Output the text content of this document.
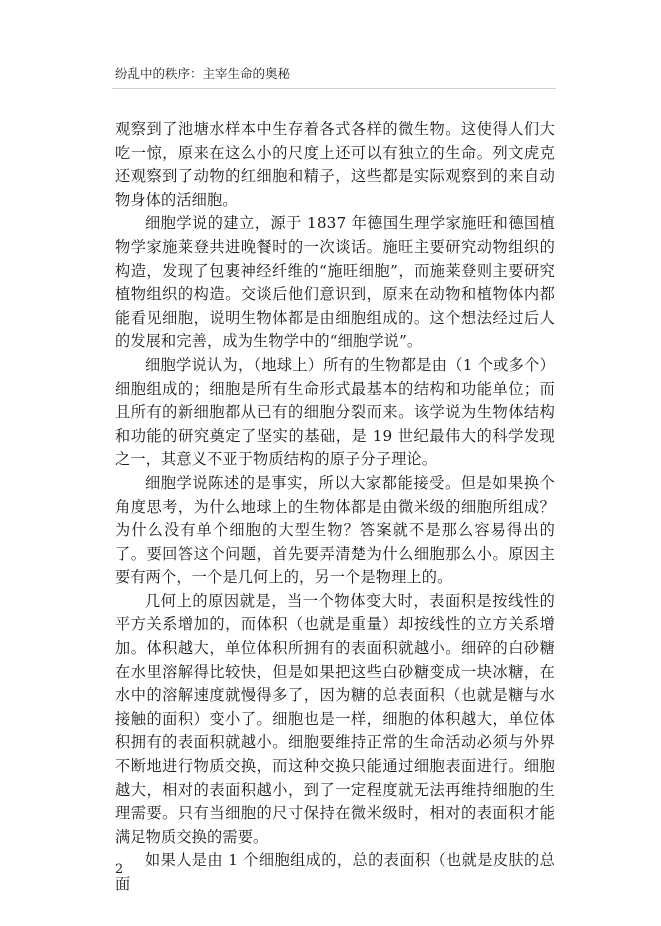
纷乱中的秩序：主宰生命的奥秘

观察到了池塘水样本中生存着各式各样的微生物。这使得人们大吃一惊，原来在这么小的尺度上还可以有独立的生命。列文虎克还观察到了动物的红细胞和精子，这些都是实际观察到的来自动物身体的活细胞。

细胞学说的建立，源于 1837 年德国生理学家施旺和德国植物学家施莱登共进晚餐时的一次谈话。施旺主要研究动物组织的构造，发现了包裹神经纤维的“施旺细胞”，而施莱登则主要研究植物组织的构造。交谈后他们意识到，原来在动物和植物体内都能看见细胞，说明生物体都是由细胞组成的。这个想法经过后人的发展和完善，成为生物学中的“细胞学说”。

细胞学说认为，（地球上）所有的生物都是由（1 个或多个）细胞组成的；细胞是所有生命形式最基本的结构和功能单位；而且所有的新细胞都从已有的细胞分裂而来。该学说为生物体结构和功能的研究奠定了坚实的基础，是 19 世纪最伟大的科学发现之一，其意义不亚于物质结构的原子分子理论。

细胞学说陈述的是事实，所以大家都能接受。但是如果换个角度思考，为什么地球上的生物体都是由微米级的细胞所组成？为什么没有单个细胞的大型生物？答案就不是那么容易得出的了。要回答这个问题，首先要弄清楚为什么细胞那么小。原因主要有两个，一个是几何上的，另一个是物理上的。

几何上的原因就是，当一个物体变大时，表面积是按线性的平方关系增加的，而体积（也就是重量）却按线性的立方关系增加。体积越大，单位体积所拥有的表面积就越小。细碎的白砂糖在水里溶解得比较快，但是如果把这些白砂糖变成一块冰糖，在水中的溶解速度就慢得多了，因为糖的总表面积（也就是糖与水接触的面积）变小了。细胞也是一样，细胞的体积越大，单位体积拥有的表面积就越小。细胞要维持正常的生命活动必须与外界不断地进行物质交换，而这种交换只能通过细胞表面进行。细胞越大，相对的表面积越小，到了一定程度就无法再维持细胞的生理需要。只有当细胞的尺寸保持在微米级时，相对的表面积才能满足物质交换的需要。

如果人是由 1 个细胞组成的，总的表面积（也就是皮肤的总面

2
